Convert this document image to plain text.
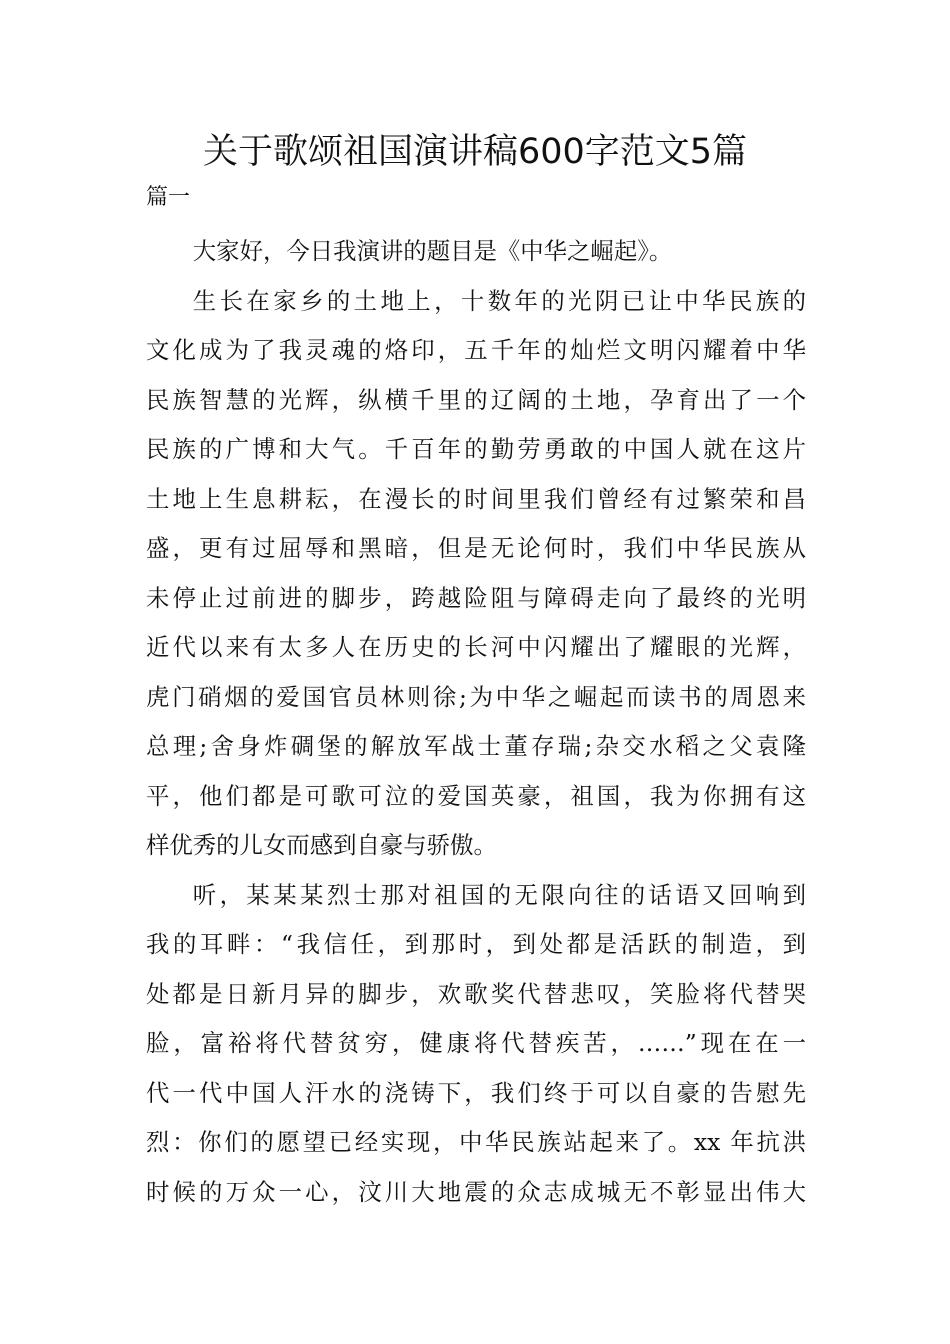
关于歌颂祖国演讲稿600字范文5篇
篇一
大家好，今日我演讲的题目是《中华之崛起》。
生长在家乡的土地上，十数年的光阴已让中华民族的
文化成为了我灵魂的烙印，五千年的灿烂文明闪耀着中华
民族智慧的光辉，纵横千里的辽阔的土地，孕育出了一个
民族的广博和大气。千百年的勤劳勇敢的中国人就在这片
土地上生息耕耘，在漫长的时间里我们曾经有过繁荣和昌
盛，更有过屈辱和黑暗，但是无论何时，我们中华民族从
未停止过前进的脚步，跨越险阻与障碍走向了最终的光明
近代以来有太多人在历史的长河中闪耀出了耀眼的光辉，
虎门硝烟的爱国官员林则徐;为中华之崛起而读书的周恩来
总理;舍身炸碉堡的解放军战士董存瑞;杂交水稻之父袁隆
平，他们都是可歌可泣的爱国英豪，祖国，我为你拥有这
样优秀的儿女而感到自豪与骄傲。
听，某某某烈士那对祖国的无限向往的话语又回响到
我的耳畔：“我信任，到那时，到处都是活跃的制造，到
处都是日新月异的脚步，欢歌奖代替悲叹，笑脸将代替哭
脸，富裕将代替贫穷，健康将代替疾苦，……”现在在一
代一代中国人汗水的浇铸下，我们终于可以自豪的告慰先
烈：你们的愿望已经实现，中华民族站起来了。xx 年抗洪
时候的万众一心，汶川大地震的众志成城无不彰显出伟大
